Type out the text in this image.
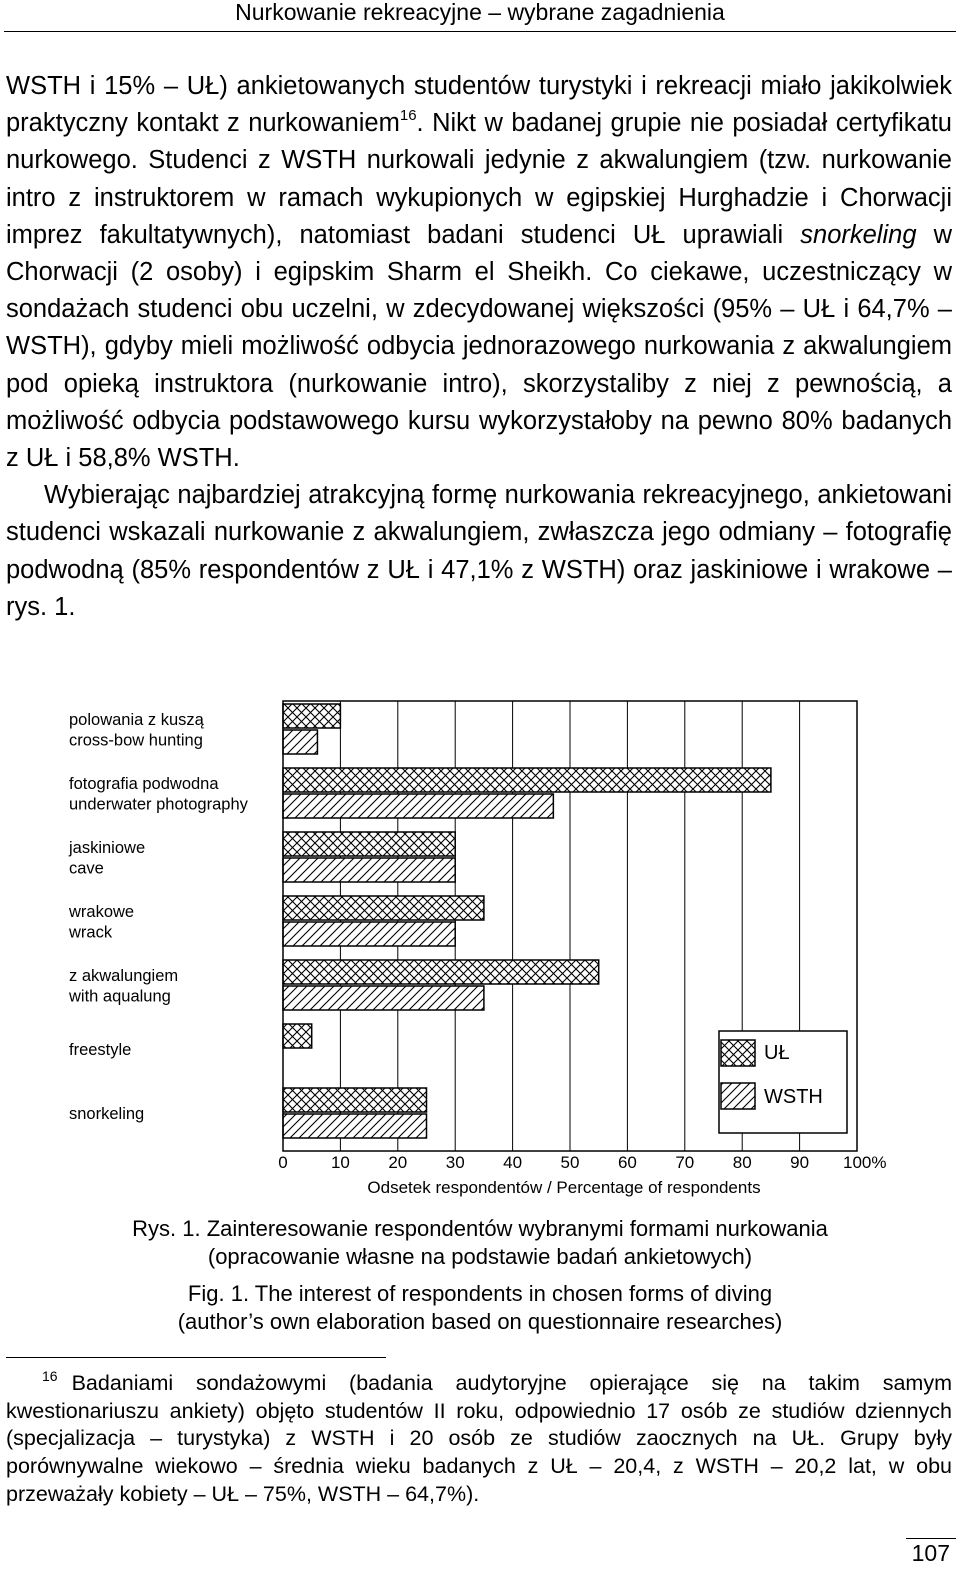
Nurkowanie rekreacyjne – wybrane zagadnienia

WSTH i 15% – UŁ) ankietowanych studentów turystyki i rekreacji miało jakikolwiek praktyczny kontakt z nurkowaniem$^{16}$. Nikt w badanej grupie nie posiadał certyfikatu nurkowego. Studenci z WSTH nurkowali jedynie z akwalungiem (tzw. nurkowanie intro z instruktorem w ramach wykupionych w egipskiej Hurghadzie i Chorwacji imprez fakultatywnych), natomiast badani studenci UŁ uprawiali snorkeling w Chorwacji (2 osoby) i egipskim Sharm el Sheikh. Co ciekawe, uczestniczący w sondażach studenci obu uczelni, w zdecydowanej większości (95% – UŁ i 64,7% – WSTH), gdyby mieli możliwość odbycia jednorazowego nurkowania z akwalungiem pod opieką instruktora (nurkowanie intro), skorzystaliby z niej z pewnością, a możliwość odbycia podstawowego kursu wykorzystałoby na pewno 80% badanych z UŁ i 58,8% WSTH.

Wybierając najbardziej atrakcyjną formę nurkowania rekreacyjnego, ankietowani studenci wskazali nurkowanie z akwalungiem, zwłaszcza jego odmiany – fotografię podwodną (85% respondentów z UŁ i 47,1% z WSTH) oraz jaskiniowe i wrakowe – rys. 1.

polowania z kuszą
cross-bow hunting
fotografia podwodna
underwater photography
jaskiniowe
cave
wrakowe
wrack
z akwalungiem
with aqualung
freestyle
snorkeling
0	10 20 30 40 50 60 70 80 90 100%
Odsetek respondentów / Percentage of respondents
UŁ
WSTH
Rys. 1. Zainteresowanie respondentów wybranymi formami nurkowania
(opracowanie własne na podstawie badań ankietowych)
Fig. 1. The interest of respondents in chosen forms of diving
(author’s own elaboration based on questionnaire researches)
$^{16}$ Badaniami sondażowymi (badania audytoryjne opierające się na takim samym kwestionariuszu ankiety) objęto studentów II roku, odpowiednio 17 osób ze studiów dziennych (specjalizacja – turystyka) z WSTH i 20 osób ze studiów zaocznych na UŁ. Grupy były porównywalne wiekowo – średnia wieku badanych z UŁ – 20,4, z WSTH – 20,2 lat, w obu przeważały kobiety – UŁ – 75%, WSTH – 64,7%).
107
